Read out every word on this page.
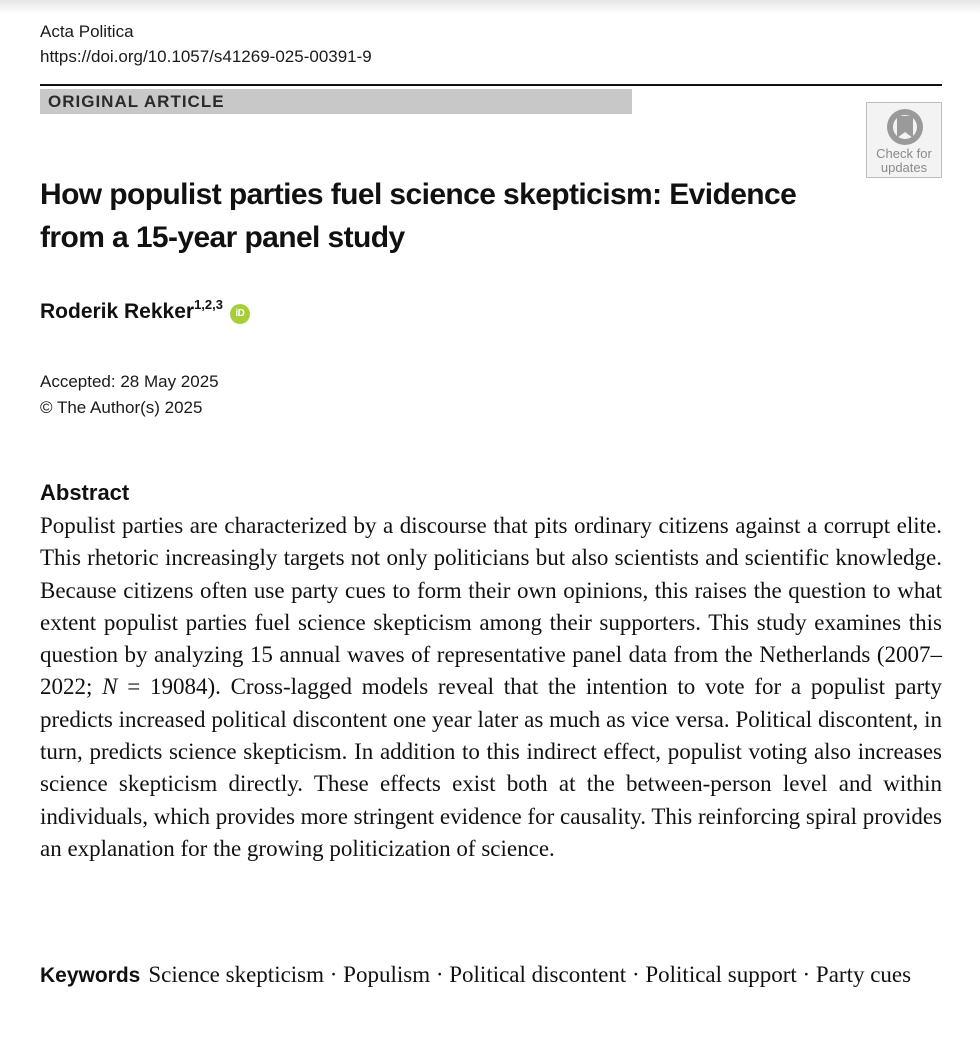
Acta Politica
https://doi.org/10.1057/s41269-025-00391-9
ORIGINAL ARTICLE
Check for
updates
How populist parties fuel science skepticism: Evidence from a 15-year panel study
Roderik Rekker$^{1,2,3}$ iD
Accepted: 28 May 2025
© The Author(s) 2025
Abstract

Populist parties are characterized by a discourse that pits ordinary citizens against a corrupt elite. This rhetoric increasingly targets not only politicians but also scientists and scientific knowledge. Because citizens often use party cues to form their own opinions, this raises the question to what extent populist parties fuel science skepticism among their supporters. This study examines this question by analyzing 15 annual waves of representative panel data from the Netherlands (2007–2022; N = 19084). Cross-lagged models reveal that the intention to vote for a populist party predicts increased political discontent one year later as much as vice versa. Political discontent, in turn, predicts science skepticism. In addition to this indirect effect, populist voting also increases science skepticism directly. These effects exist both at the between-person level and within individuals, which provides more stringent evidence for causality. This reinforcing spiral provides an explanation for the growing politicization of science.

Keywords Science skepticism · Populism · Political discontent · Political support · Party cues
